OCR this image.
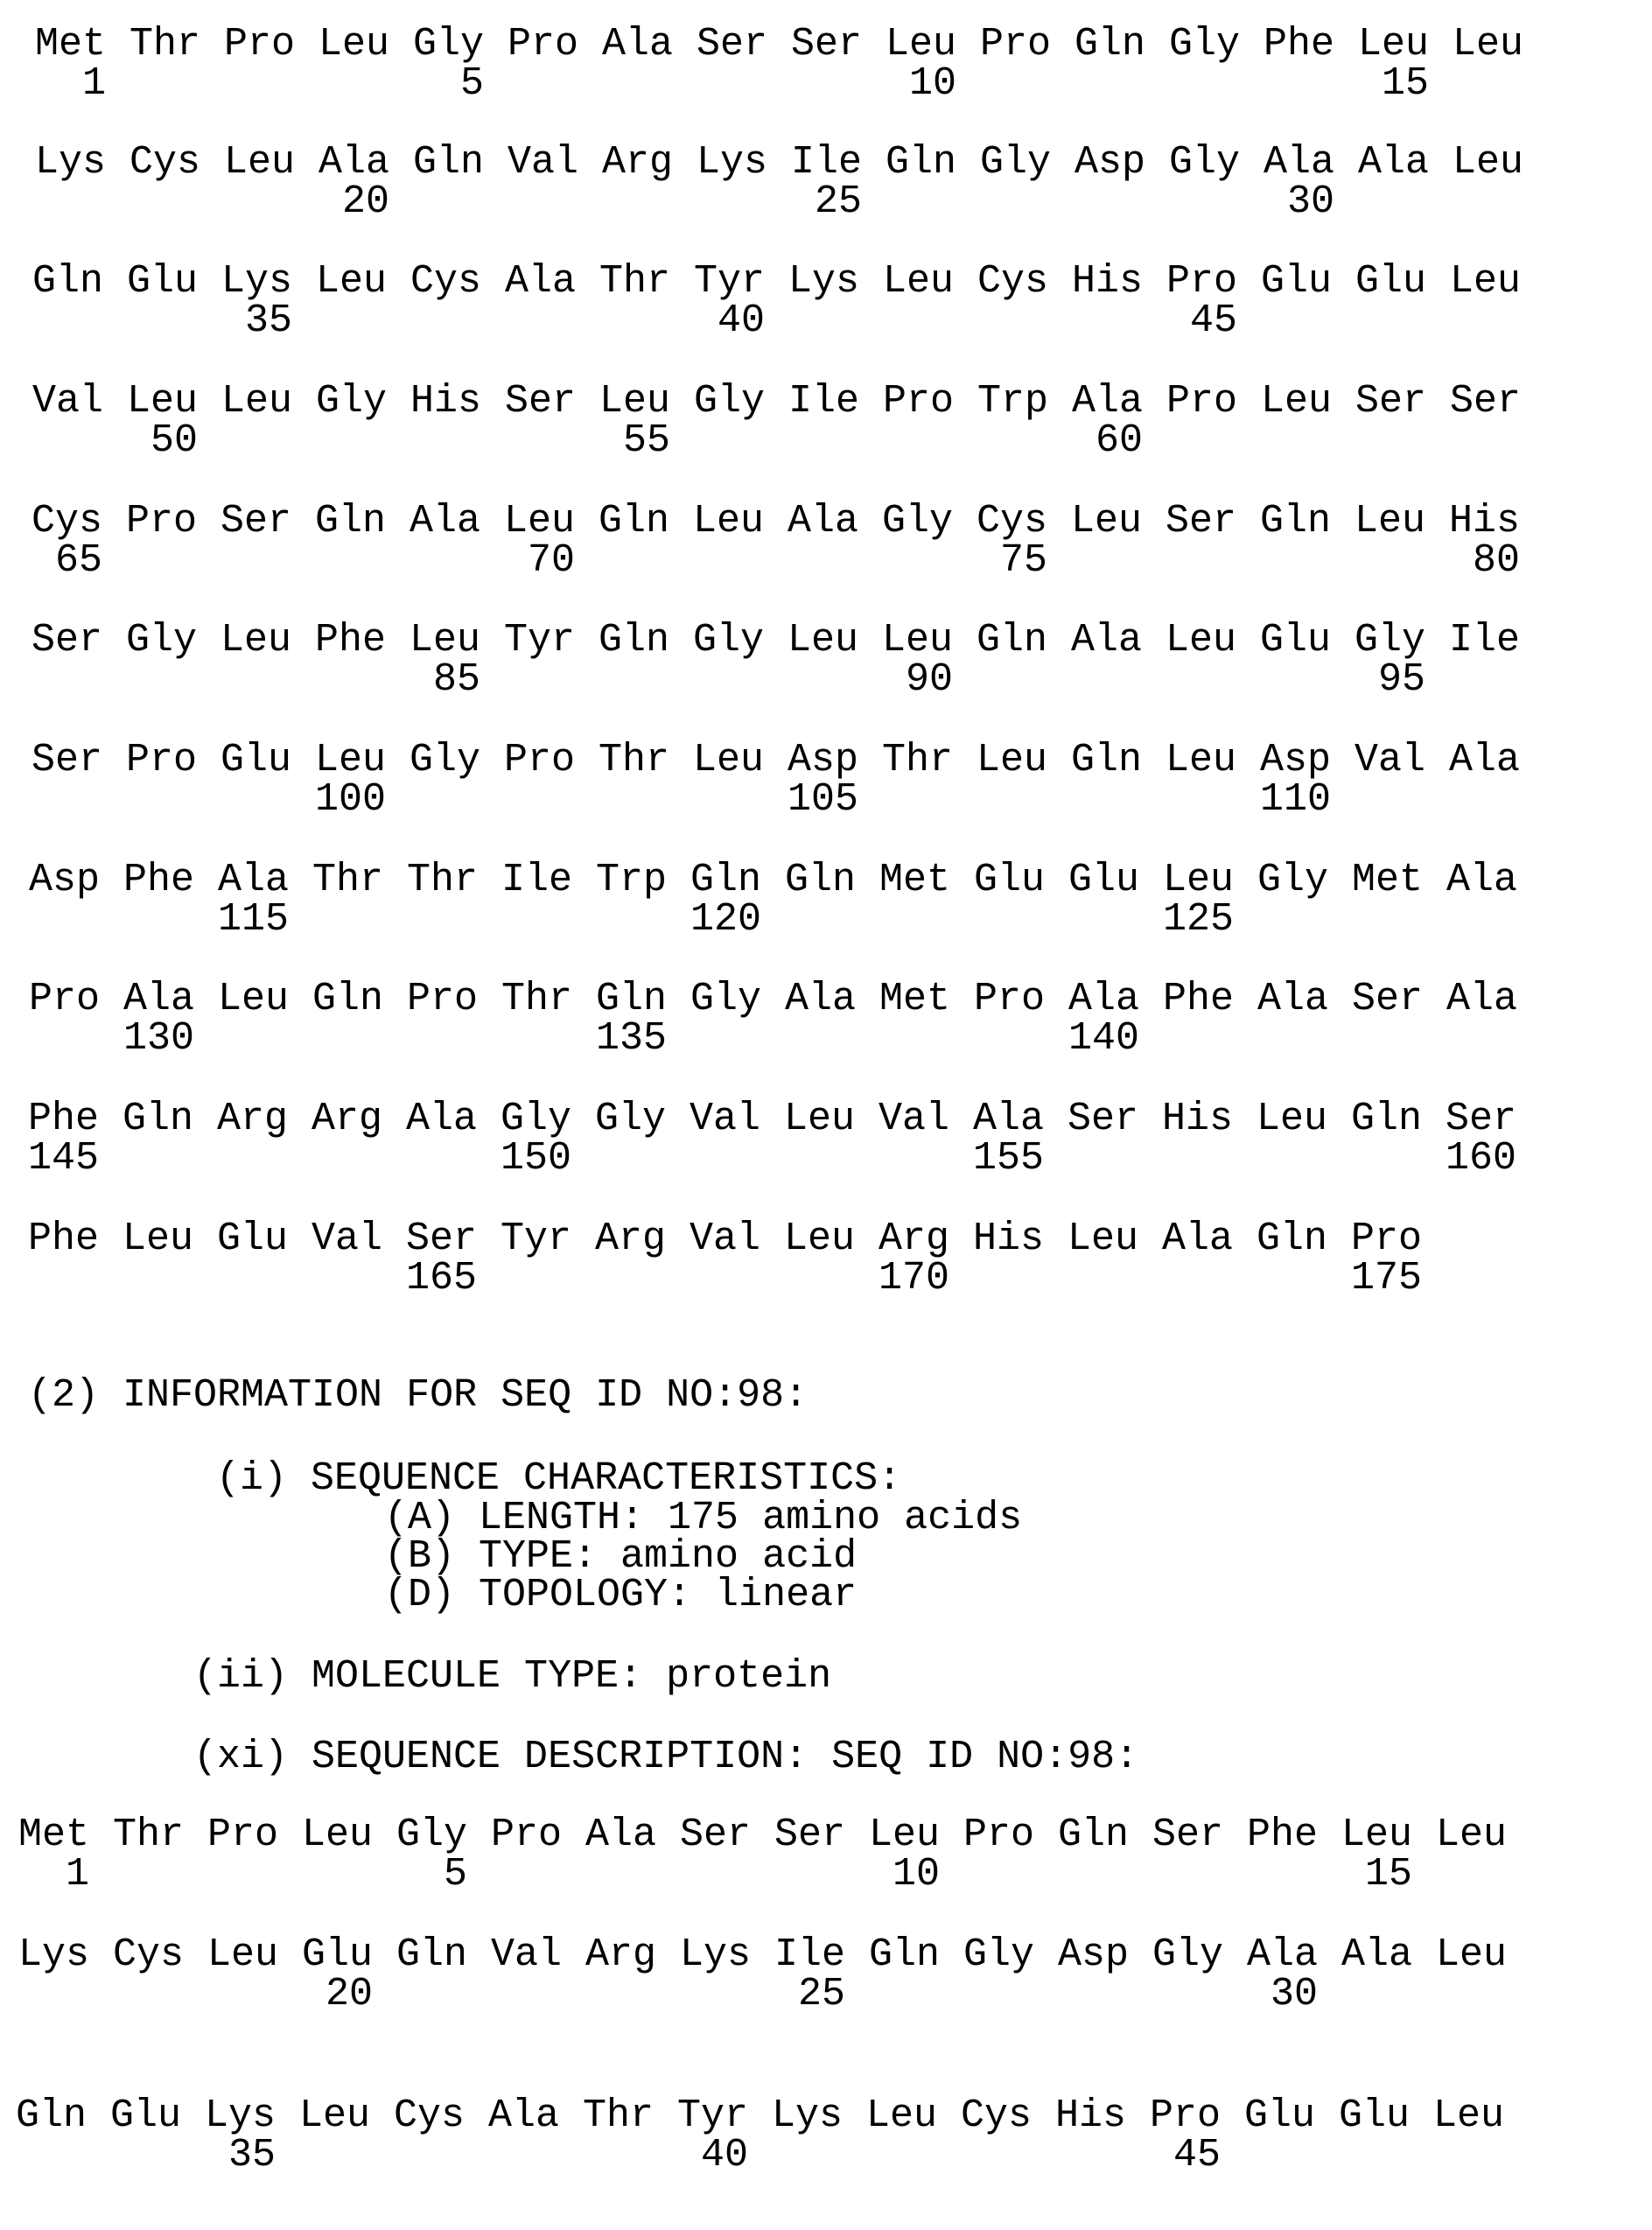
Met Thr Pro Leu Gly Pro Ala Ser Ser Leu Pro Gln Gly Phe Leu Leu
1	5	10	15
Lys Cys Leu Ala Gln Val Arg Lys Ile Gln Gly Asp Gly Ala Ala Leu
20	25	30
Gln Glu Lys Leu Cys Ala Thr Tyr Lys Leu Cys His Pro Glu Glu Leu
35	40	45
Val Leu Leu Gly His Ser Leu Gly Ile Pro Trp Ala Pro Leu Ser Ser
50	55	60
Cys Pro Ser Gln Ala Leu Gln Leu Ala Gly Cys Leu Ser Gln Leu His
65	70	75	80
Ser Gly Leu Phe Leu Tyr Gln Gly Leu Leu Gln Ala Leu Glu Gly Ile
85	90	95
Ser Pro Glu Leu Gly Pro Thr Leu Asp Thr Leu Gln Leu Asp Val Ala
100	105	110
Asp Phe Ala Thr Thr Ile Trp Gln Gln Met Glu Glu Leu Gly Met Ala
115	120	125
Pro Ala Leu Gln Pro Thr Gln Gly Ala Met Pro Ala Phe Ala Ser Ala
130	135	140
Phe Gln Arg Arg Ala Gly Gly Val Leu Val Ala Ser His Leu Gln Ser
145	150	155	160
Phe Leu Glu Val Ser Tyr Arg Val Leu Arg His Leu Ala Gln Pro
165	170	175
(2) INFORMATION FOR SEQ ID NO:98:
(i) SEQUENCE CHARACTERISTICS:
(A) LENGTH: 175 amino acids
(B) TYPE: amino acid
(D) TOPOLOGY: linear
(ii) MOLECULE TYPE: protein
(xi) SEQUENCE DESCRIPTION: SEQ ID NO:98:
Met Thr Pro Leu Gly Pro Ala Ser Ser Leu Pro Gln Ser Phe Leu Leu
1	5	10	15
Lys Cys Leu Glu Gln Val Arg Lys Ile Gln Gly Asp Gly Ala Ala Leu
20	25	30
Gln Glu Lys Leu Cys Ala Thr Tyr Lys Leu Cys His Pro Glu Glu Leu
35	40	45
